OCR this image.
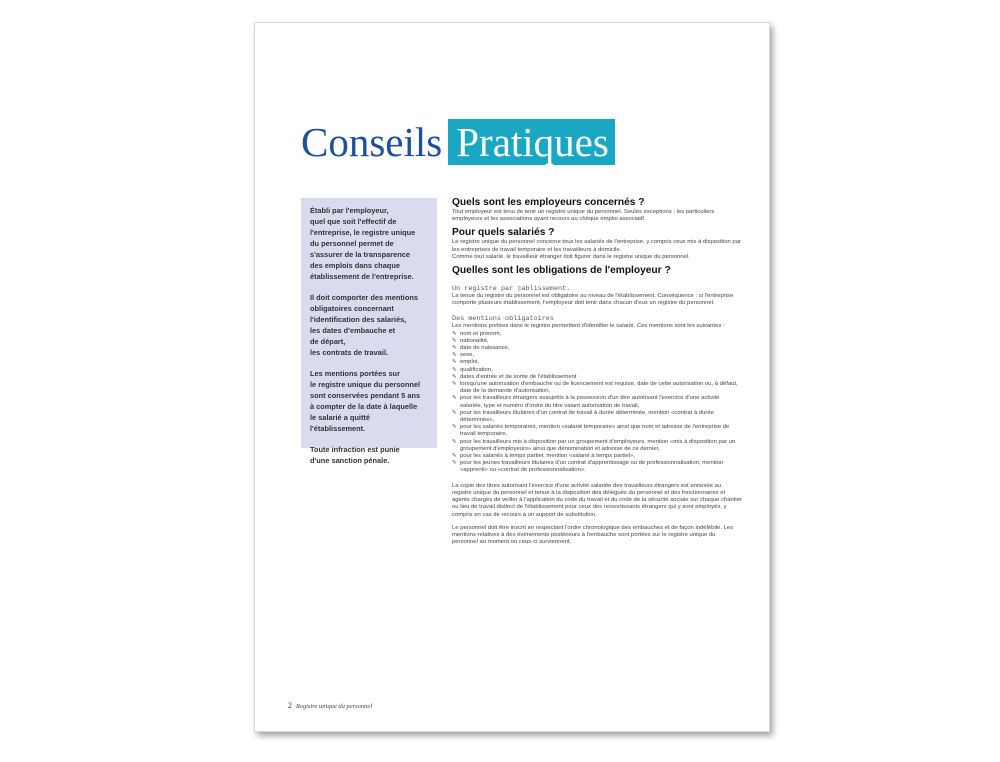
Conseils Pratiques

Établi par l'employeur,
quel que soit l'effectif de
l'entreprise, le registre unique
du personnel permet de
s'assurer de la transparence
des emplois dans chaque
établissement de l'entreprise.

Il doit comporter des mentions
obligatoires concernant
l'identification des salariés,
les dates d'embauche et
de départ,
les contrats de travail.

Les mentions portées sur
le registre unique du personnel
sont conservées pendant 5 ans
à compter de la date à laquelle
le salarié a quitté
l'établissement.

Toute infraction est punie
d'une sanction pénale.

Quels sont les employeurs concernés ?

Tout employeur est tenu de tenir un registre unique du personnel. Seules exceptions : les particuliers employeurs et les associations ayant recours au chèque emploi associatif.

Pour quels salariés ?

Le registre unique du personnel concerne tous les salariés de l'entreprise, y compris ceux mis à disposition par les entreprises de travail temporaire et les travailleurs à domicile.

Comme tout salarié, le travailleur étranger doit figurer dans le registre unique du personnel.

Quelles sont les obligations de l'employeur ?

Un registre par ▯ablissement.

La tenue du registre du personnel est obligatoire au niveau de l'établissement. Conséquence : si l'entreprise comporte plusieurs établissement, l'employeur doit tenir dans chacun d'eux un registre du personnel.

Des mentions obligatoires

Les mentions portées dans le registre permettent d'identifier le salarié. Ces mentions sont les suivantes :

✎ nom et prénom,
✎ nationalité,
✎ date de naissance,
✎ sexe,
✎ emploi,
✎ qualification,
✎ dates d'entrée et de sortie de l'établissement
✎ lorsqu'une autorisation d'embauche ou de licenciement est requise, date de cette autorisation ou, à défaut, date de la demande d'autorisation,
✎ pour les travailleurs étrangers assujettis à la possession d'un titre autorisant l'exercice d'une activité salariée, type et numéro d'ordre du titre valant autorisation de travail,
✎ pour les travailleurs titulaires d'un contrat de travail à durée déterminée, mention «contrat à durée déterminée»,
✎ pour les salariés temporaires, mention «salarié temporaire» ainsi que nom et adresse de l'entreprise de travail temporaire,
✎ pour les travailleurs mis à disposition par un groupement d'employeurs, mention «mis à disposition par un groupement d'employeurs» ainsi que dénomination et adresse de ce dernier,
✎ pour les salariés à temps partiel, mention «salarié à temps partiel»,
✎ pour les jeunes travailleurs titulaires d'un contrat d'apprentissage ou de professionnalisation, mention «apprenti» ou «contrat de professionnalisation».

La copie des titres autorisant l'exercice d'une activité salariée des travailleurs étrangers est annexée au registre unique du personnel et tenue à la disposition des délégués du personnel et des fonctionnaires et agents chargés de veiller à l'application du code du travail et du code de la sécurité sociale sur chaque chantier ou lieu de travail distinct de l'établissement pour ceux des ressortissants étrangers qui y sont employés, y compris en cas de recours à un support de substitution.

Le personnel doit être inscrit en respectant l'ordre chronologique des embauches et de façon indélébile. Les mentions relatives à des événements postérieurs à l'embauche sont portées sur le registre unique du personnel au moment où ceux-ci surviennent.

2 Registre unique du personnel
